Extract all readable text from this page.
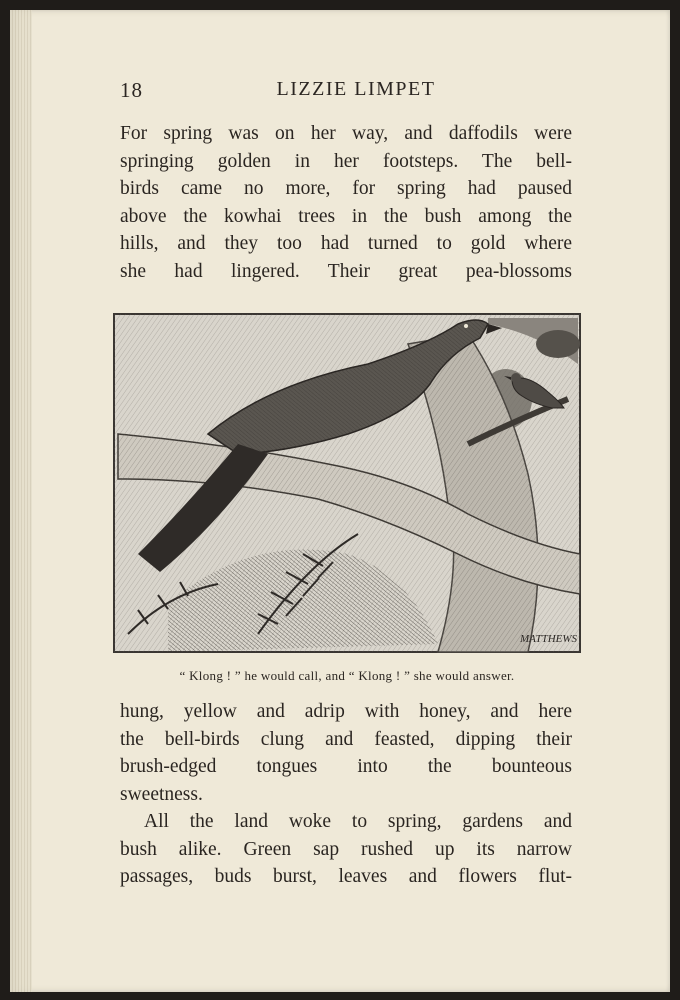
18	LIZZIE LIMPET
For spring was on her way, and daffodils were
springing golden in her footsteps. The bell-
birds came no more, for spring had paused
above the kowhai trees in the bush among the
hills, and they too had turned to gold where
she had lingered. Their great pea-blossoms
MATTHEWS
“ Klong ! ” he would call, and “ Klong ! ” she would answer.
hung, yellow and adrip with honey, and here
the bell-birds clung and feasted, dipping their
brush-edged tongues into the bounteous
sweetness.
All the land woke to spring, gardens and
bush alike. Green sap rushed up its narrow
passages, buds burst, leaves and flowers flut-
